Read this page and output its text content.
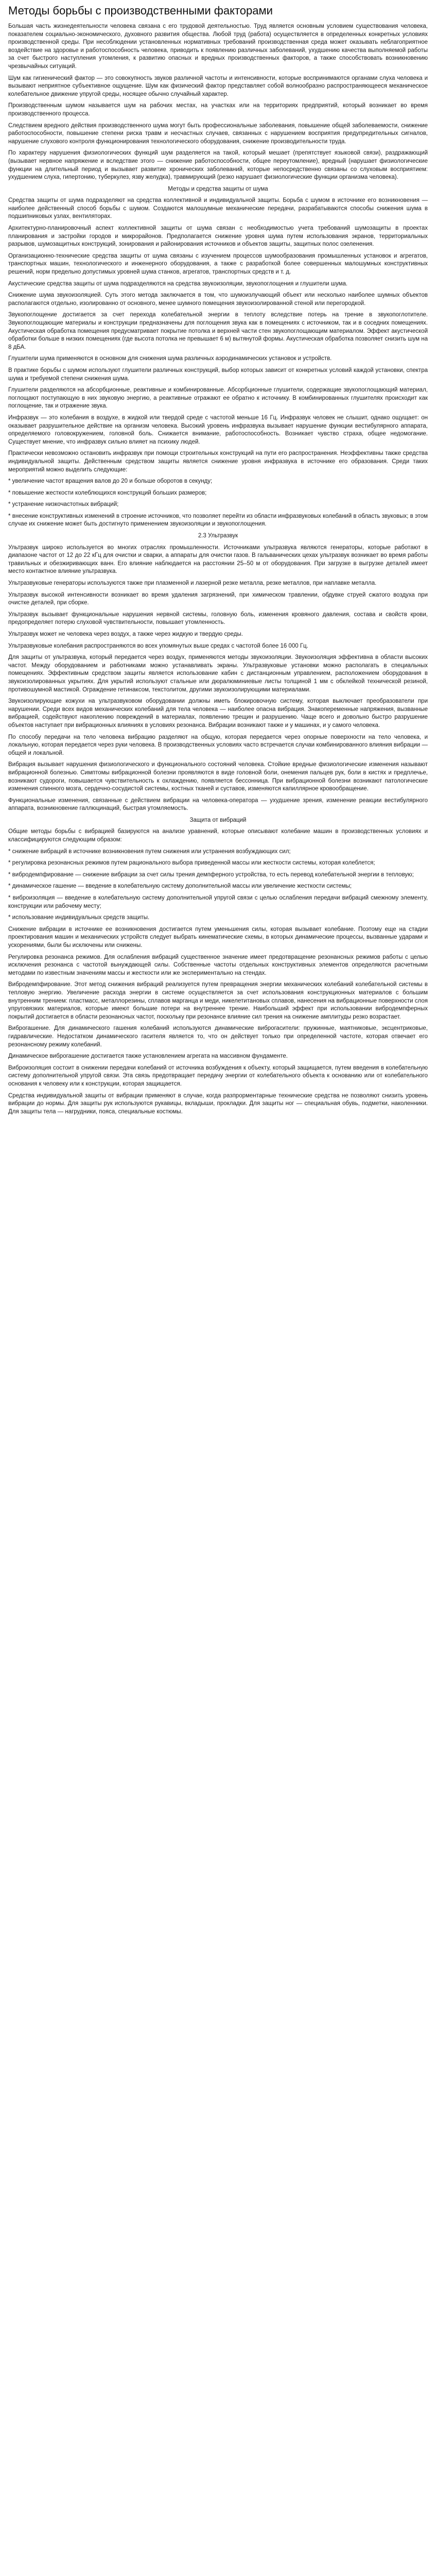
Методы борьбы с производственными факторами

Большая часть жизнедеятельности человека связана с его трудовой деятельностью. Труд является основным условием существования человека, показателем социально-экономического, духовного развития общества. Любой труд (работа) осуществляется в определенных конкретных условиях производственной среды. При несоблюдении установленных нормативных требований производственная среда может оказывать неблагоприятное воздействие на здоровье и работоспособность человека, приводить к появлению различных заболеваний, ухудшению качества выполняемой работы за счет быстрого наступления утомления, к развитию опасных и вредных производственных факторов, а также способствовать возникновению чрезвычайных ситуаций.

Шум как гигиенический фактор — это совокупность звуков различной частоты и интенсивности, которые воспринимаются органами слуха человека и вызывают неприятное субъективное ощущение. Шум как физический фактор представляет собой волнообразно распространяющееся механическое колебательное движение упругой среды, носящее обычно случайный характер.

Производственным шумом называется шум на рабочих местах, на участках или на территориях предприятий, который возникает во время производственного процесса.

Следствием вредного действия производственного шума могут быть профессиональные заболевания, повышение общей заболеваемости, снижение работоспособности, повышение степени риска травм и несчастных случаев, связанных с нарушением восприятия предупредительных сигналов, нарушение слухового контроля функционирования технологического оборудования, снижение производительности труда.

По характеру нарушения физиологических функций шум разделяется на такой, который мешает (препятствует языковой связи), раздражающий (вызывает нервное напряжение и вследствие этого — снижение работоспособности, общее переутомление), вредный (нарушает физиологические функции на длительный период и вызывает развитие хронических заболеваний, которые непосредственно связаны со слуховым восприятием: ухудшением слуха, гипертонию, туберкулез, язву желудка), травмирующий (резко нарушает физиологические функции организма человека).

Методы и средства защиты от шума

Средства защиты от шума подразделяют на средства коллективной и индивидуальной защиты. Борьба с шумом в источнике его возникновения — наиболее действенный способ борьбы с шумом. Создаются малошумные механические передачи, разрабатываются способы снижения шума в подшипниковых узлах, вентиляторах.

Архитектурно-планировочный аспект коллективной защиты от шума связан с необходимостью учета требований шумозащиты в проектах планирования и застройки городов и микрорайонов. Предполагается снижение уровня шума путем использования экранов, территориальных разрывов, шумозащитных конструкций, зонирования и районирования источников и объектов защиты, защитных полос озеленения.

Организационно-технические средства защиты от шума связаны с изучением процессов шумообразования промышленных установок и агрегатов, транспортных машин, технологического и инженерного оборудования, а также с разработкой более совершенных малошумных конструктивных решений, норм предельно допустимых уровней шума станков, агрегатов, транспортных средств и т. д.

Акустические средства защиты от шума подразделяются на средства звукоизоляции, звукопоглощения и глушители шума.

Снижение шума звукоизоляцией. Суть этого метода заключается в том, что шумоизлучающий объект или несколько наиболее шумных объектов располагаются отдельно, изолированно от основного, менее шумного помещения звукоизолированной стеной или перегородкой.

Звукопоглощение достигается за счет перехода колебательной энергии в теплоту вследствие потерь на трение в звукопоглотителе. Звукопоглощающие материалы и конструкции предназначены для поглощения звука как в помещениях с источником, так и в соседних помещениях. Акустическая обработка помещения предусматривает покрытие потолка и верхней части стен звукопоглощающим материалом. Эффект акустической обработки больше в низких помещениях (где высота потолка не превышает 6 м) вытянутой формы. Акустическая обработка позволяет снизить шум на 8 дБА.

Глушители шума применяются в основном для снижения шума различных аэродинамических установок и устройств.

В практике борьбы с шумом используют глушители различных конструкций, выбор которых зависит от конкретных условий каждой установки, спектра шума и требуемой степени снижения шума.

Глушители разделяются на абсорбционные, реактивные и комбинированные. Абсорбционные глушители, содержащие звукопоглощающий материал, поглощают поступающую в них звуковую энергию, а реактивные отражают ее обратно к источнику. В комбинированных глушителях происходит как поглощение, так и отражение звука.

Инфразвук — это колебания в воздухе, в жидкой или твердой среде с частотой меньше 16 Гц. Инфразвук человек не слышит, однако ощущает: он оказывает разрушительное действие на организм человека. Высокий уровень инфразвука вызывает нарушение функции вестибулярного аппарата, определяемого головокружением, головной боль. Снижается внимание, работоспособность. Возникает чувство страха, общее недомогание. Существует мнение, что инфразвук сильно влияет на психику людей.

Практически невозможно остановить инфразвук при помощи строительных конструкций на пути его распространения. Неэффективны также средства индивидуальной защиты. Действенным средством защиты является снижение уровня инфразвука в источнике его образования. Среди таких мероприятий можно выделить следующие:

* увеличение частот вращения валов до 20 и больше оборотов в секунду;

* повышение жесткости колеблющихся конструкций больших размеров;

* устранение низкочастотных вибраций;

* внесение конструктивных изменений в строение источников, что позволяет перейти из области инфразвуковых колебаний в область звуковых; в этом случае их снижение может быть достигнуто применением звукоизоляции и звукопоглощения.

2.3 Ультразвук

Ультразвук широко используется во многих отраслях промышленности. Источниками ультразвука являются генераторы, которые работают в диапазоне частот от 12 до 22 кГц для очистки и сварки, а аппараты для очистки газов. В гальванических цехах ультразвук возникает во время работы травильных и обезжиривающих ванн. Его влияние наблюдается на расстоянии 25–50 м от оборудования. При загрузке в выгрузке деталей имеет место контактное влияние ультразвука.

Ультразвуковые генераторы используются также при плазменной и лазерной резке металла, резке металлов, при наплавке металла.

Ультразвук высокой интенсивности возникает во время удаления загрязнений, при химическом травлении, обдувке струей сжатого воздуха при очистке деталей, при сборке.

Ультразвук вызывает функциональные нарушения нервной системы, головную боль, изменения кровяного давления, состава и свойств крови, предопределяет потерю слуховой чувствительности, повышает утомленность.

Ультразвук может не человека через воздух, а также через жидкую и твердую среды.

Ультразвуковые колебания распространяются во всех упомянутых выше средах с частотой более 16 000 Гц.

Для защиты от ультразвука, который передается через воздух, применяются методы звукоизоляции. Звукоизоляция эффективна в области высоких частот. Между оборудованием и работниками можно устанавливать экраны. Ультразвуковые установки можно располагать в специальных помещениях. Эффективным средством защиты является использование кабин с дистанционным управлением, расположением оборудования в звукоизолированных укрытиях. Для укрытий используют стальные или дюралюминиевые листы толщиной 1 мм с обклейкой технической резиной, противошумной мастикой. Ограждение гетинаксом, текстолитом, другими звукоизолирующими материалами.

Звукоизолирующие кожухи на ультразвуковом оборудовании должны иметь блокировочную систему, которая выключает преобразователи при нарушении. Среди всех видов механических колебаний для тела человека — наиболее опасна вибрация. Знакопеременные напряжения, вызванные вибрацией, содействуют накоплению повреждений в материалах, появлению трещин и разрушению. Чаще всего и довольно быстро разрушение объектов наступает при вибрационных влияниях в условиях резонанса. Вибрации возникают также и у машинах, и у самого человека.

По способу передачи на тело человека вибрацию разделяют на общую, которая передается через опорные поверхности на тело человека, и локальную, которая передается через руки человека. В производственных условиях часто встречается случаи комбинированного влияния вибрации — общей и локальной.

Вибрация вызывает нарушения физиологического и функционального состояний человека. Стойкие вредные физиологические изменения называют вибрационной болезнью. Симптомы вибрационной болезни проявляются в виде головной боли, онемения пальцев рук, боли в кистях и предплечье, возникают судороги, повышается чувствительность к охлаждению, появляется бессонница. При вибрационной болезни возникают патологические изменения спинного мозга, сердечно-сосудистой системы, костных тканей и суставов, изменяются капиллярное кровообращение.

Функциональные изменения, связанные с действием вибрации на человека-оператора — ухудшение зрения, изменение реакции вестибулярного аппарата, возникновение галлюцинаций, быстрая утомляемость.

Защита от вибраций

Общие методы борьбы с вибрацией базируются на анализе уравнений, которые описывают колебание машин в производственных условиях и классифицируются следующим образом:

* снижение вибраций в источнике возникновения путем снижения или устранения возбуждающих сил;

* регулировка резонансных режимов путем рационального выбора приведенной массы или жесткости системы, которая колеблется;

* вибродемпфирование — снижение вибрации за счет силы трения демпферного устройства, то есть перевод колебательной энергии в тепловую;

* динамическое гашение — введение в колебательную систему дополнительной массы или увеличение жесткости системы;

* виброизоляция — введение в колебательную систему дополнительной упругой связи с целью ослабления передачи вибраций смежному элементу, конструкции или рабочему месту;

* использование индивидуальных средств защиты.

Снижение вибрации в источнике ее возникновения достигается путем уменьшения силы, которая вызывает колебание. Поэтому еще на стадии проектирования машин и механических устройств следует выбрать кинематические схемы, в которых динамические процессы, вызванные ударами и ускорениями, были бы исключены или снижены.

Регулировка резонанса режимов. Для ослабления вибраций существенное значение имеет предотвращение резонансных режимов работы с целью исключения резонанса с частотой вынуждающей силы. Собственные частоты отдельных конструктивных элементов определяются расчетными методами по известным значениям массы и жесткости или же экспериментально на стендах.

Вибродемпфирование. Этот метод снижения вибраций реализуется путем превращения энергии механических колебаний колебательной системы в тепловую энергию. Увеличение расхода энергии в системе осуществляется за счет использования конструкционных материалов с большим внутренним трением: пластмасс, металлорезины, сплавов марганца и меди, никелетитановых сплавов, нанесения на вибрационные поверхности слоя упруговязких материалов, которые имеют большие потери на внутреннее трение. Наибольший эффект при использовании вибродемпферных покрытий достигается в области резонансных частот, поскольку при резонансе влияние сил трения на снижение амплитуды резко возрастает.

Виброгашение. Для динамического гашения колебаний используются динамические виброгасители: пружинные, маятниковые, эксцентриковые, гидравлические. Недостатком динамического гасителя является то, что он действует только при определенной частоте, которая отвечает его резонансному режиму колебаний.

Динамическое виброгашение достигается также установлением агрегата на массивном фундаменте.

Виброизоляция состоит в снижении передачи колебаний от источника возбуждения к объекту, который защищается, путем введения в колебательную систему дополнительной упругой связи. Эта связь предотвращает передачу энергии от колебательного объекта к основанию или от колебательного основания к человеку или к конструкции, которая защищается.

Средства индивидуальной защиты от вибрации применяют в случае, когда разпрорментарные технические средства не позволяют снизить уровень вибрации до нормы. Для защиты рук используются рукавицы, вкладыши, прокладки. Для защиты ног — специальная обувь, подметки, наколенники. Для защиты тела — нагрудники, пояса, специальные костюмы.
